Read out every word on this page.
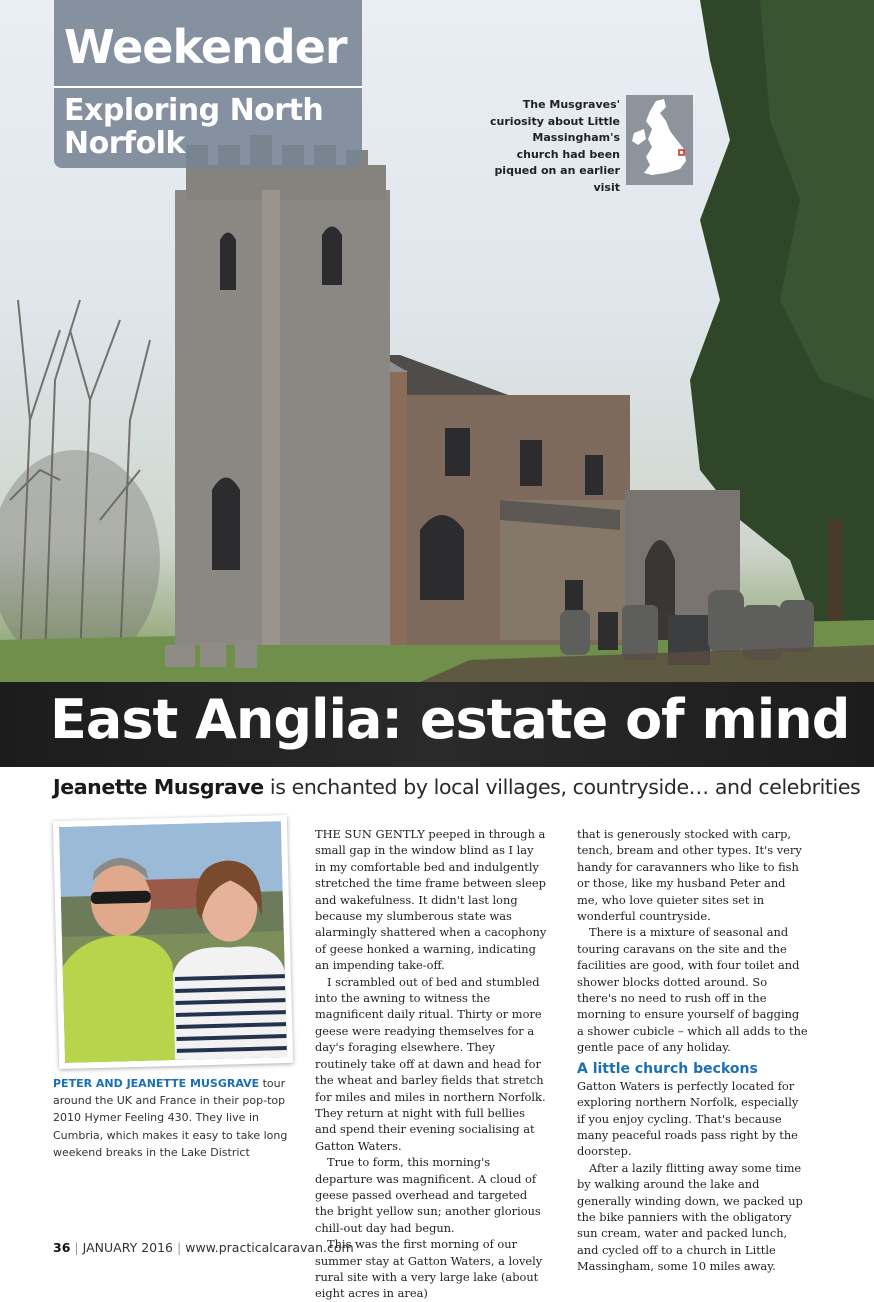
Weekender
Exploring North Norfolk
The Musgraves' curiosity about Little Massingham's church had been piqued on an earlier visit
East Anglia: estate of mind
Jeanette Musgrave is enchanted by local villages, countryside… and celebrities
PETER AND JEANETTE MUSGRAVE tour around the UK and France in their pop-top 2010 Hymer Feeling 430. They live in Cumbria, which makes it easy to take long weekend breaks in the Lake District

THE SUN GENTLY peeped in through a small gap in the window blind as I lay in my comfortable bed and indulgently stretched the time frame between sleep and wakefulness. It didn't last long because my slumberous state was alarmingly shattered when a cacophony of geese honked a warning, indicating an impending take-off.

I scrambled out of bed and stumbled into the awning to witness the magnificent daily ritual. Thirty or more geese were readying themselves for a day's foraging elsewhere. They routinely take off at dawn and head for the wheat and barley fields that stretch for miles and miles in northern Norfolk. They return at night with full bellies and spend their evening socialising at Gatton Waters.

True to form, this morning's departure was magnificent. A cloud of geese passed overhead and targeted the bright yellow sun; another glorious chill-out day had begun.

This was the first morning of our summer stay at Gatton Waters, a lovely rural site with a very large lake (about eight acres in area)

that is generously stocked with carp, tench, bream and other types. It's very handy for caravanners who like to fish or those, like my husband Peter and me, who love quieter sites set in wonderful countryside.

There is a mixture of seasonal and touring caravans on the site and the facilities are good, with four toilet and shower blocks dotted around. So there's no need to rush off in the morning to ensure yourself of bagging a shower cubicle – which all adds to the gentle pace of any holiday.

A little church beckons

Gatton Waters is perfectly located for exploring northern Norfolk, especially if you enjoy cycling. That's because many peaceful roads pass right by the doorstep.

After a lazily flitting away some time by walking around the lake and generally winding down, we packed up the bike panniers with the obligatory sun cream, water and packed lunch, and cycled off to a church in Little Massingham, some 10 miles away.

36 | JANUARY 2016 | www.practicalcaravan.com
